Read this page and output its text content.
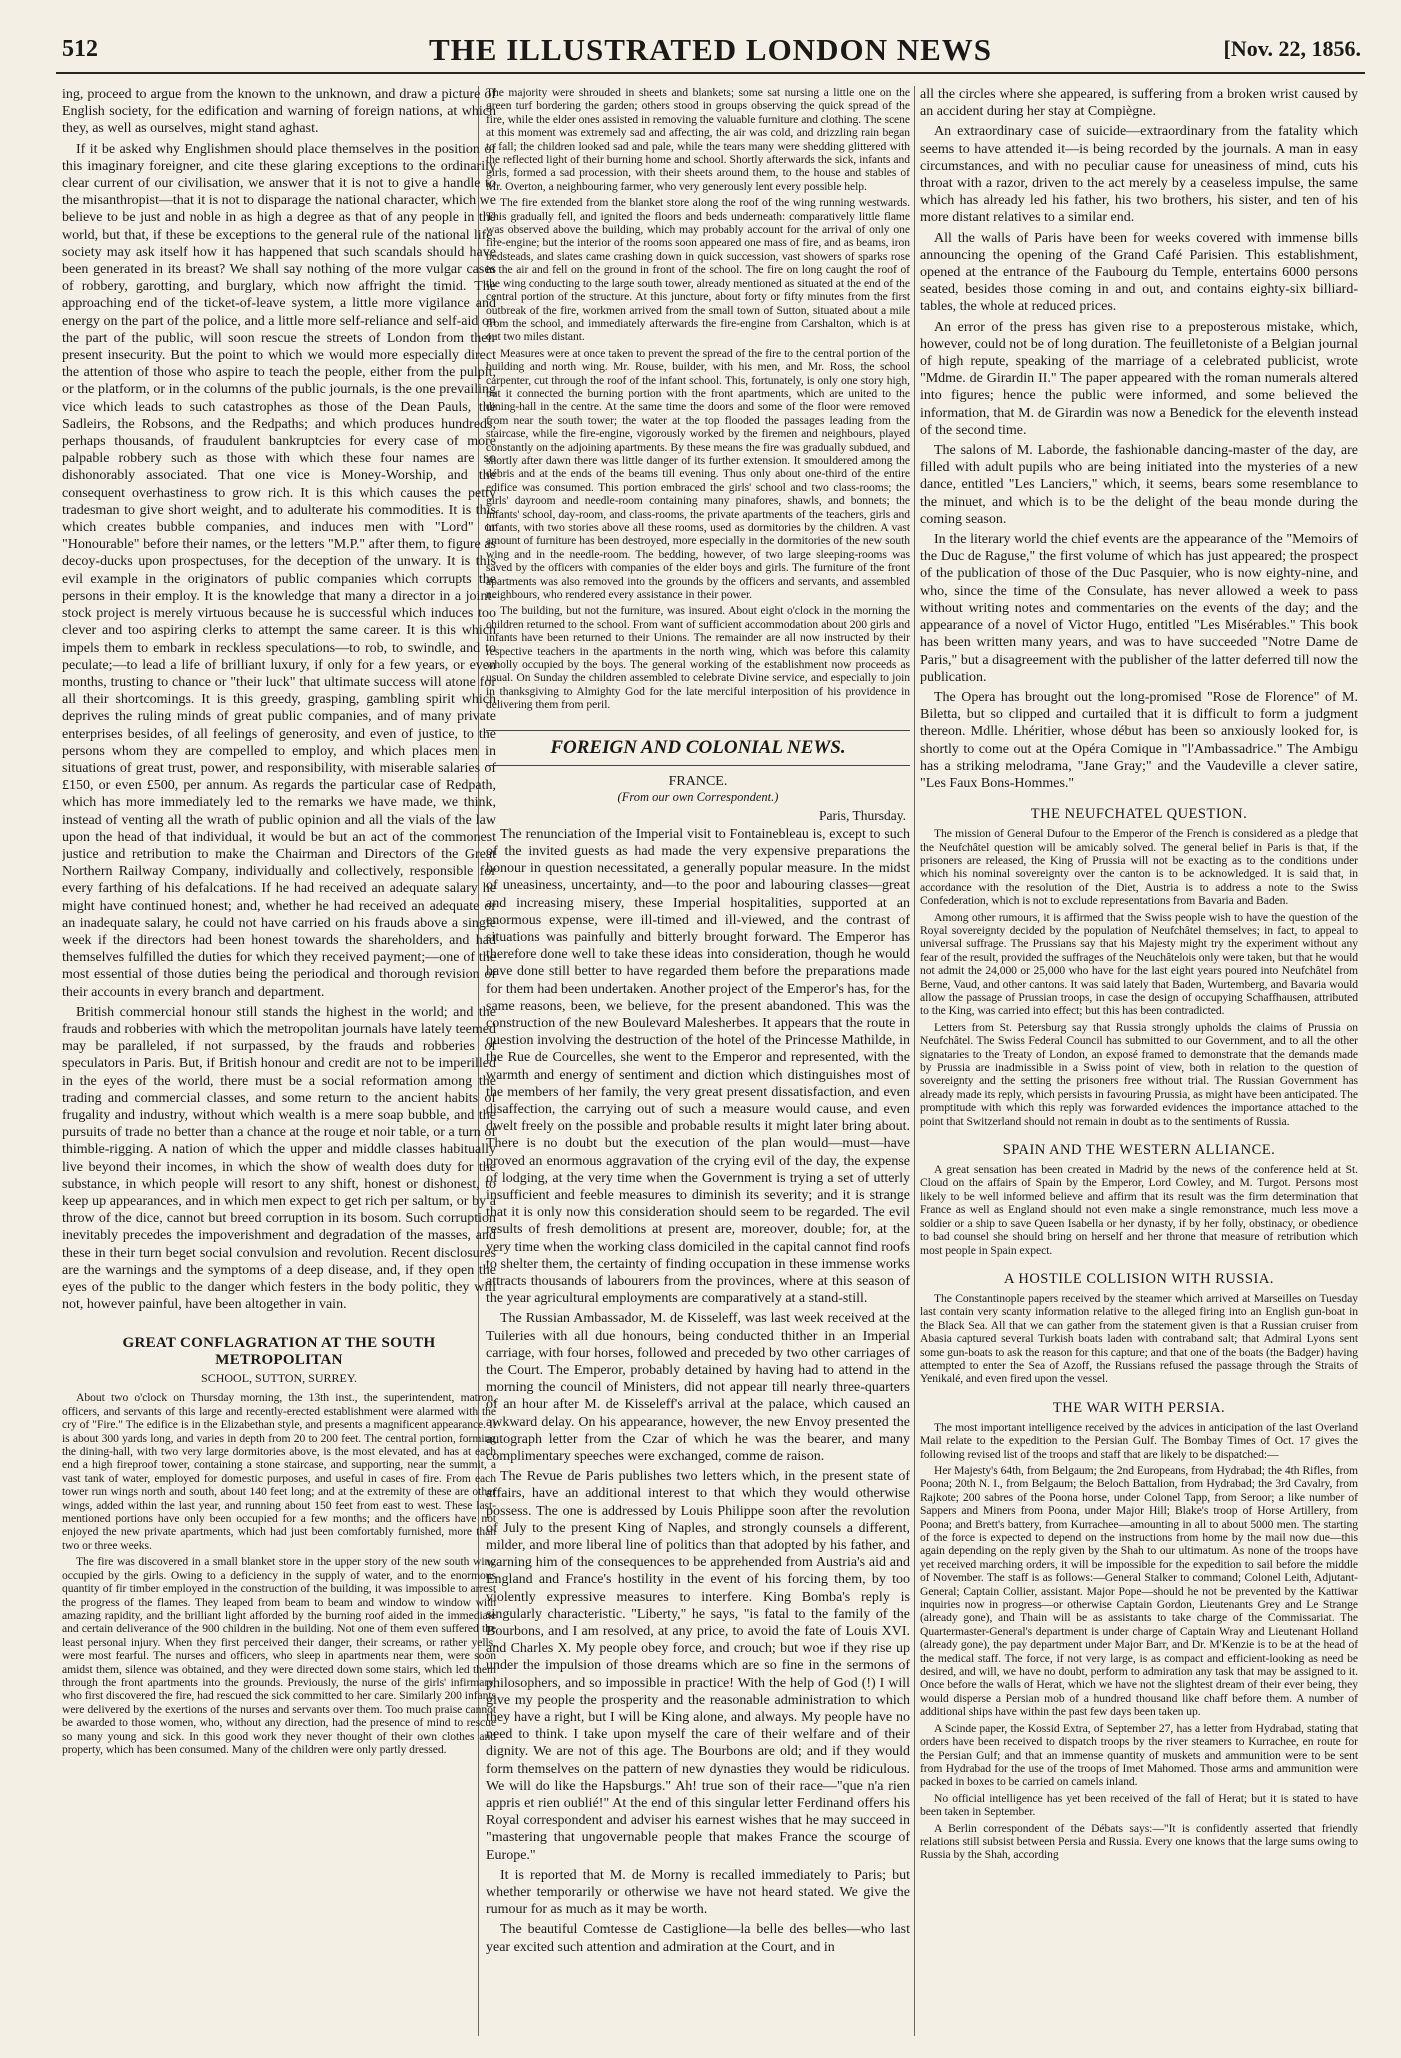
512	THE ILLUSTRATED LONDON NEWS	[Nov. 22, 1856.

ing, proceed to argue from the known to the unknown, and draw a picture of English society, for the edification and warning of foreign nations, at which they, as well as ourselves, might stand aghast.

If it be asked why Englishmen should place themselves in the position of this imaginary foreigner, and cite these glaring exceptions to the ordinarily clear current of our civilisation, we answer that it is not to give a handle to the misanthropist—that it is not to disparage the national character, which we believe to be just and noble in as high a degree as that of any people in the world, but that, if these be exceptions to the general rule of the national life, society may ask itself how it has happened that such scandals should have been generated in its breast? We shall say nothing of the more vulgar cases of robbery, garotting, and burglary, which now affright the timid. The approaching end of the ticket-of-leave system, a little more vigilance and energy on the part of the police, and a little more self-reliance and self-aid on the part of the public, will soon rescue the streets of London from their present insecurity. But the point to which we would more especially direct the attention of those who aspire to teach the people, either from the pulpit, or the platform, or in the columns of the public journals, is the one prevailing vice which leads to such catastrophes as those of the Dean Pauls, the Sadleirs, the Robsons, and the Redpaths; and which produces hundreds, perhaps thousands, of fraudulent bankruptcies for every case of more palpable robbery such as those with which these four names are so dishonorably associated. That one vice is Money-Worship, and the consequent overhastiness to grow rich. It is this which causes the petty tradesman to give short weight, and to adulterate his commodities. It is this which creates bubble companies, and induces men with "Lord" or "Honourable" before their names, or the letters "M.P." after them, to figure as decoy-ducks upon prospectuses, for the deception of the unwary. It is this evil example in the originators of public companies which corrupts the persons in their employ. It is the knowledge that many a director in a joint-stock project is merely virtuous because he is successful which induces too clever and too aspiring clerks to attempt the same career. It is this which impels them to embark in reckless speculations—to rob, to swindle, and to peculate;—to lead a life of brilliant luxury, if only for a few years, or even months, trusting to chance or "their luck" that ultimate success will atone for all their shortcomings. It is this greedy, grasping, gambling spirit which deprives the ruling minds of great public companies, and of many private enterprises besides, of all feelings of generosity, and even of justice, to the persons whom they are compelled to employ, and which places men in situations of great trust, power, and responsibility, with miserable salaries of £150, or even £500, per annum. As regards the particular case of Redpath, which has more immediately led to the remarks we have made, we think, instead of venting all the wrath of public opinion and all the vials of the law upon the head of that individual, it would be but an act of the commonest justice and retribution to make the Chairman and Directors of the Great Northern Railway Company, individually and collectively, responsible for every farthing of his defalcations. If he had received an adequate salary he might have continued honest; and, whether he had received an adequate or an inadequate salary, he could not have carried on his frauds above a single week if the directors had been honest towards the shareholders, and had themselves fulfilled the duties for which they received payment;—one of the most essential of those duties being the periodical and thorough revision of their accounts in every branch and department.

British commercial honour still stands the highest in the world; and the frauds and robberies with which the metropolitan journals have lately teemed may be paralleled, if not surpassed, by the frauds and robberies of speculators in Paris. But, if British honour and credit are not to be imperilled in the eyes of the world, there must be a social reformation among the trading and commercial classes, and some return to the ancient habits of frugality and industry, without which wealth is a mere soap bubble, and the pursuits of trade no better than a chance at the rouge et noir table, or a turn of thimble-rigging. A nation of which the upper and middle classes habitually live beyond their incomes, in which the show of wealth does duty for the substance, in which people will resort to any shift, honest or dishonest, to keep up appearances, and in which men expect to get rich per saltum, or by a throw of the dice, cannot but breed corruption in its bosom. Such corruption inevitably precedes the impoverishment and degradation of the masses, and these in their turn beget social convulsion and revolution. Recent disclosures are the warnings and the symptoms of a deep disease, and, if they open the eyes of the public to the danger which festers in the body politic, they will not, however painful, have been altogether in vain.

GREAT CONFLAGRATION AT THE SOUTH METROPOLITAN
SCHOOL, SUTTON, SURREY.

About two o'clock on Thursday morning, the 13th inst., the superintendent, matron, officers, and servants of this large and recently-erected establishment were alarmed with the cry of "Fire." The edifice is in the Elizabethan style, and presents a magnificent appearance. It is about 300 yards long, and varies in depth from 20 to 200 feet. The central portion, forming the dining-hall, with two very large dormitories above, is the most elevated, and has at each end a high fireproof tower, containing a stone staircase, and supporting, near the summit, a vast tank of water, employed for domestic purposes, and useful in cases of fire. From each tower run wings north and south, about 140 feet long; and at the extremity of these are other wings, added within the last year, and running about 150 feet from east to west. These last-mentioned portions have only been occupied for a few months; and the officers have not enjoyed the new private apartments, which had just been comfortably furnished, more than two or three weeks.

The fire was discovered in a small blanket store in the upper story of the new south wing occupied by the girls. Owing to a deficiency in the supply of water, and to the enormous quantity of fir timber employed in the construction of the building, it was impossible to arrest the progress of the flames. They leaped from beam to beam and window to window with amazing rapidity, and the brilliant light afforded by the burning roof aided in the immediate and certain deliverance of the 900 children in the building. Not one of them even suffered the least personal injury. When they first perceived their danger, their screams, or rather yells, were most fearful. The nurses and officers, who sleep in apartments near them, were soon amidst them, silence was obtained, and they were directed down some stairs, which led them through the front apartments into the grounds. Previously, the nurse of the girls' infirmary, who first discovered the fire, had rescued the sick committed to her care. Similarly 200 infants were delivered by the exertions of the nurses and servants over them. Too much praise cannot be awarded to those women, who, without any direction, had the presence of mind to rescue so many young and sick. In this good work they never thought of their own clothes and property, which has been consumed. Many of the children were only partly dressed.

The majority were shrouded in sheets and blankets; some sat nursing a little one on the green turf bordering the garden; others stood in groups observing the quick spread of the fire, while the elder ones assisted in removing the valuable furniture and clothing. The scene at this moment was extremely sad and affecting, the air was cold, and drizzling rain began to fall; the children looked sad and pale, while the tears many were shedding glittered with the reflected light of their burning home and school. Shortly afterwards the sick, infants and girls, formed a sad procession, with their sheets around them, to the house and stables of Mr. Overton, a neighbouring farmer, who very generously lent every possible help.

The fire extended from the blanket store along the roof of the wing running westwards. This gradually fell, and ignited the floors and beds underneath: comparatively little flame was observed above the building, which may probably account for the arrival of only one fire-engine; but the interior of the rooms soon appeared one mass of fire, and as beams, iron bedsteads, and slates came crashing down in quick succession, vast showers of sparks rose in the air and fell on the ground in front of the school. The fire on long caught the roof of the wing conducting to the large south tower, already mentioned as situated at the end of the central portion of the structure. At this juncture, about forty or fifty minutes from the first outbreak of the fire, workmen arrived from the small town of Sutton, situated about a mile from the school, and immediately afterwards the fire-engine from Carshalton, which is at out two miles distant.

Measures were at once taken to prevent the spread of the fire to the central portion of the building and north wing. Mr. Rouse, builder, with his men, and Mr. Ross, the school carpenter, cut through the roof of the infant school. This, fortunately, is only one story high, but it connected the burning portion with the front apartments, which are united to the dining-hall in the centre. At the same time the doors and some of the floor were removed from near the south tower; the water at the top flooded the passages leading from the staircase, while the fire-engine, vigorously worked by the firemen and neighbours, played constantly on the adjoining apartments. By these means the fire was gradually subdued, and shortly after dawn there was little danger of its further extension. It smouldered among the débris and at the ends of the beams till evening. Thus only about one-third of the entire edifice was consumed. This portion embraced the girls' school and two class-rooms; the girls' dayroom and needle-room containing many pinafores, shawls, and bonnets; the infants' school, day-room, and class-rooms, the private apartments of the teachers, girls and infants, with two stories above all these rooms, used as dormitories by the children. A vast amount of furniture has been destroyed, more especially in the dormitories of the new south wing and in the needle-room. The bedding, however, of two large sleeping-rooms was saved by the officers with companies of the elder boys and girls. The furniture of the front apartments was also removed into the grounds by the officers and servants, and assembled neighbours, who rendered every assistance in their power.

The building, but not the furniture, was insured. About eight o'clock in the morning the children returned to the school. From want of sufficient accommodation about 200 girls and infants have been returned to their Unions. The remainder are all now instructed by their respective teachers in the apartments in the north wing, which was before this calamity wholly occupied by the boys. The general working of the establishment now proceeds as usual. On Sunday the children assembled to celebrate Divine service, and especially to join in thanksgiving to Almighty God for the late merciful interposition of his providence in delivering them from peril.

FOREIGN AND COLONIAL NEWS.
FRANCE.
(From our own Correspondent.)
Paris, Thursday.

The renunciation of the Imperial visit to Fontainebleau is, except to such of the invited guests as had made the very expensive preparations the honour in question necessitated, a generally popular measure. In the midst of uneasiness, uncertainty, and—to the poor and labouring classes—great and increasing misery, these Imperial hospitalities, supported at an enormous expense, were ill-timed and ill-viewed, and the contrast of situations was painfully and bitterly brought forward. The Emperor has therefore done well to take these ideas into consideration, though he would have done still better to have regarded them before the preparations made for them had been undertaken. Another project of the Emperor's has, for the same reasons, been, we believe, for the present abandoned. This was the construction of the new Boulevard Malesherbes. It appears that the route in question involving the destruction of the hotel of the Princesse Mathilde, in the Rue de Courcelles, she went to the Emperor and represented, with the warmth and energy of sentiment and diction which distinguishes most of the members of her family, the very great present dissatisfaction, and even disaffection, the carrying out of such a measure would cause, and even dwelt freely on the possible and probable results it might later bring about. There is no doubt but the execution of the plan would—must—have proved an enormous aggravation of the crying evil of the day, the expense of lodging, at the very time when the Government is trying a set of utterly insufficient and feeble measures to diminish its severity; and it is strange that it is only now this consideration should seem to be regarded. The evil results of fresh demolitions at present are, moreover, double; for, at the very time when the working class domiciled in the capital cannot find roofs to shelter them, the certainty of finding occupation in these immense works attracts thousands of labourers from the provinces, where at this season of the year agricultural employments are comparatively at a stand-still.

The Russian Ambassador, M. de Kisseleff, was last week received at the Tuileries with all due honours, being conducted thither in an Imperial carriage, with four horses, followed and preceded by two other carriages of the Court. The Emperor, probably detained by having had to attend in the morning the council of Ministers, did not appear till nearly three-quarters of an hour after M. de Kisseleff's arrival at the palace, which caused an awkward delay. On his appearance, however, the new Envoy presented the autograph letter from the Czar of which he was the bearer, and many complimentary speeches were exchanged, comme de raison.

The Revue de Paris publishes two letters which, in the present state of affairs, have an additional interest to that which they would otherwise possess. The one is addressed by Louis Philippe soon after the revolution of July to the present King of Naples, and strongly counsels a different, milder, and more liberal line of politics than that adopted by his father, and warning him of the consequences to be apprehended from Austria's aid and England and France's hostility in the event of his forcing them, by too violently expressive measures to interfere. King Bomba's reply is singularly characteristic. "Liberty," he says, "is fatal to the family of the Bourbons, and I am resolved, at any price, to avoid the fate of Louis XVI. and Charles X. My people obey force, and crouch; but woe if they rise up under the impulsion of those dreams which are so fine in the sermons of philosophers, and so impossible in practice! With the help of God (!) I will give my people the prosperity and the reasonable administration to which they have a right, but I will be King alone, and always. My people have no need to think. I take upon myself the care of their welfare and of their dignity. We are not of this age. The Bourbons are old; and if they would form themselves on the pattern of new dynasties they would be ridiculous. We will do like the Hapsburgs." Ah! true son of their race—"que n'a rien appris et rien oublié!" At the end of this singular letter Ferdinand offers his Royal correspondent and adviser his earnest wishes that he may succeed in "mastering that ungovernable people that makes France the scourge of Europe."

It is reported that M. de Morny is recalled immediately to Paris; but whether temporarily or otherwise we have not heard stated. We give the rumour for as much as it may be worth.

The beautiful Comtesse de Castiglione—la belle des belles—who last year excited such attention and admiration at the Court, and in

all the circles where she appeared, is suffering from a broken wrist caused by an accident during her stay at Compiègne.

An extraordinary case of suicide—extraordinary from the fatality which seems to have attended it—is being recorded by the journals. A man in easy circumstances, and with no peculiar cause for uneasiness of mind, cuts his throat with a razor, driven to the act merely by a ceaseless impulse, the same which has already led his father, his two brothers, his sister, and ten of his more distant relatives to a similar end.

All the walls of Paris have been for weeks covered with immense bills announcing the opening of the Grand Café Parisien. This establishment, opened at the entrance of the Faubourg du Temple, entertains 6000 persons seated, besides those coming in and out, and contains eighty-six billiard-tables, the whole at reduced prices.

An error of the press has given rise to a preposterous mistake, which, however, could not be of long duration. The feuilletoniste of a Belgian journal of high repute, speaking of the marriage of a celebrated publicist, wrote "Mdme. de Girardin II." The paper appeared with the roman numerals altered into figures; hence the public were informed, and some believed the information, that M. de Girardin was now a Benedick for the eleventh instead of the second time.

The salons of M. Laborde, the fashionable dancing-master of the day, are filled with adult pupils who are being initiated into the mysteries of a new dance, entitled "Les Lanciers," which, it seems, bears some resemblance to the minuet, and which is to be the delight of the beau monde during the coming season.

In the literary world the chief events are the appearance of the "Memoirs of the Duc de Raguse," the first volume of which has just appeared; the prospect of the publication of those of the Duc Pasquier, who is now eighty-nine, and who, since the time of the Consulate, has never allowed a week to pass without writing notes and commentaries on the events of the day; and the appearance of a novel of Victor Hugo, entitled "Les Misérables." This book has been written many years, and was to have succeeded "Notre Dame de Paris," but a disagreement with the publisher of the latter deferred till now the publication.

The Opera has brought out the long-promised "Rose de Florence" of M. Biletta, but so clipped and curtailed that it is difficult to form a judgment thereon. Mdlle. Lhéritier, whose début has been so anxiously looked for, is shortly to come out at the Opéra Comique in "l'Ambassadrice." The Ambigu has a striking melodrama, "Jane Gray;" and the Vaudeville a clever satire, "Les Faux Bons-Hommes."

THE NEUFCHATEL QUESTION.

The mission of General Dufour to the Emperor of the French is considered as a pledge that the Neufchâtel question will be amicably solved. The general belief in Paris is that, if the prisoners are released, the King of Prussia will not be exacting as to the conditions under which his nominal sovereignty over the canton is to be acknowledged. It is said that, in accordance with the resolution of the Diet, Austria is to address a note to the Swiss Confederation, which is not to exclude representations from Bavaria and Baden.

Among other rumours, it is affirmed that the Swiss people wish to have the question of the Royal sovereignty decided by the population of Neufchâtel themselves; in fact, to appeal to universal suffrage. The Prussians say that his Majesty might try the experiment without any fear of the result, provided the suffrages of the Neuchâtelois only were taken, but that he would not admit the 24,000 or 25,000 who have for the last eight years poured into Neufchâtel from Berne, Vaud, and other cantons. It was said lately that Baden, Wurtemberg, and Bavaria would allow the passage of Prussian troops, in case the design of occupying Schaffhausen, attributed to the King, was carried into effect; but this has been contradicted.

Letters from St. Petersburg say that Russia strongly upholds the claims of Prussia on Neufchâtel. The Swiss Federal Council has submitted to our Government, and to all the other signataries to the Treaty of London, an exposé framed to demonstrate that the demands made by Prussia are inadmissible in a Swiss point of view, both in relation to the question of sovereignty and the setting the prisoners free without trial. The Russian Government has already made its reply, which persists in favouring Prussia, as might have been anticipated. The promptitude with which this reply was forwarded evidences the importance attached to the point that Switzerland should not remain in doubt as to the sentiments of Russia.

SPAIN AND THE WESTERN ALLIANCE.

A great sensation has been created in Madrid by the news of the conference held at St. Cloud on the affairs of Spain by the Emperor, Lord Cowley, and M. Turgot. Persons most likely to be well informed believe and affirm that its result was the firm determination that France as well as England should not even make a single remonstrance, much less move a soldier or a ship to save Queen Isabella or her dynasty, if by her folly, obstinacy, or obedience to bad counsel she should bring on herself and her throne that measure of retribution which most people in Spain expect.

A HOSTILE COLLISION WITH RUSSIA.

The Constantinople papers received by the steamer which arrived at Marseilles on Tuesday last contain very scanty information relative to the alleged firing into an English gun-boat in the Black Sea. All that we can gather from the statement given is that a Russian cruiser from Abasia captured several Turkish boats laden with contraband salt; that Admiral Lyons sent some gun-boats to ask the reason for this capture; and that one of the boats (the Badger) having attempted to enter the Sea of Azoff, the Russians refused the passage through the Straits of Yenikalé, and even fired upon the vessel.

THE WAR WITH PERSIA.

The most important intelligence received by the advices in anticipation of the last Overland Mail relate to the expedition to the Persian Gulf. The Bombay Times of Oct. 17 gives the following revised list of the troops and staff that are likely to be dispatched:—

Her Majesty's 64th, from Belgaum; the 2nd Europeans, from Hydrabad; the 4th Rifles, from Poona; 20th N. I., from Belgaum; the Beloch Battalion, from Hydrabad; the 3rd Cavalry, from Rajkote; 200 sabres of the Poona horse, under Colonel Tapp, from Seroor; a like number of Sappers and Miners from Poona, under Major Hill; Blake's troop of Horse Artillery, from Poona; and Brett's battery, from Kurrachee—amounting in all to about 5000 men. The starting of the force is expected to depend on the instructions from home by the mail now due—this again depending on the reply given by the Shah to our ultimatum. As none of the troops have yet received marching orders, it will be impossible for the expedition to sail before the middle of November. The staff is as follows:—General Stalker to command; Colonel Leith, Adjutant-General; Captain Collier, assistant. Major Pope—should he not be prevented by the Kattiwar inquiries now in progress—or otherwise Captain Gordon, Lieutenants Grey and Le Strange (already gone), and Thain will be as assistants to take charge of the Commissariat. The Quartermaster-General's department is under charge of Captain Wray and Lieutenant Holland (already gone), the pay department under Major Barr, and Dr. M'Kenzie is to be at the head of the medical staff. The force, if not very large, is as compact and efficient-looking as need be desired, and will, we have no doubt, perform to admiration any task that may be assigned to it. Once before the walls of Herat, which we have not the slightest dream of their ever being, they would disperse a Persian mob of a hundred thousand like chaff before them. A number of additional ships have within the past few days been taken up.

A Scinde paper, the Kossid Extra, of September 27, has a letter from Hydrabad, stating that orders have been received to dispatch troops by the river steamers to Kurrachee, en route for the Persian Gulf; and that an immense quantity of muskets and ammunition were to be sent from Hydrabad for the use of the troops of Imet Mahomed. Those arms and ammunition were packed in boxes to be carried on camels inland.

No official intelligence has yet been received of the fall of Herat; but it is stated to have been taken in September.

A Berlin correspondent of the Débats says:—"It is confidently asserted that friendly relations still subsist between Persia and Russia. Every one knows that the large sums owing to Russia by the Shah, according
